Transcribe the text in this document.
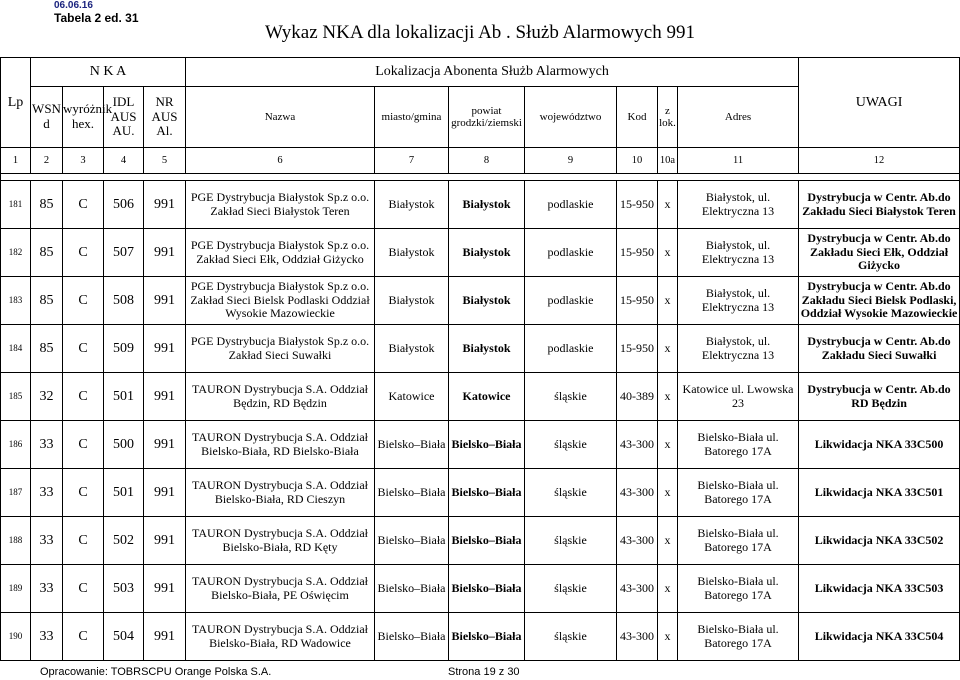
06.06.16
Tabela 2 ed. 31
Wykaz NKA dla lokalizacji Ab . Służb Alarmowych 991
Lp	N K A				Lokalizacja Abonenta Służb Alarmowych							UWAGI
	WSN d	wyróżnik hex.	IDL AUS AU.	NR AUS Al.	Nazwa	miasto/gmina	powiat grodzki/ziemski	województwo	Kod	z lok.	Adres	
1	2	3	4	5	6	7	8	9	10	10a	11	12

181	85	C	506	991	PGE Dystrybucja Białystok Sp.z o.o. Zakład Sieci Białystok Teren	Białystok	Białystok	podlaskie	15-950	x	Białystok, ul. Elektryczna 13	Dystrybucja w Centr. Ab.do Zakładu Sieci Białystok Teren
182	85	C	507	991	PGE Dystrybucja Białystok Sp.z o.o. Zakład Sieci Ełk, Oddział Giżycko	Białystok	Białystok	podlaskie	15-950	x	Białystok, ul. Elektryczna 13	Dystrybucja w Centr. Ab.do Zakładu Sieci Ełk, Oddział Giżycko
183	85	C	508	991	PGE Dystrybucja Białystok Sp.z o.o. Zakład Sieci Bielsk Podlaski Oddział Wysokie Mazowieckie	Białystok	Białystok	podlaskie	15-950	x	Białystok, ul. Elektryczna 13	Dystrybucja w Centr. Ab.do Zakładu Sieci Bielsk Podlaski, Oddział Wysokie Mazowieckie
184	85	C	509	991	PGE Dystrybucja Białystok Sp.z o.o. Zakład Sieci Suwałki	Białystok	Białystok	podlaskie	15-950	x	Białystok, ul. Elektryczna 13	Dystrybucja w Centr. Ab.do Zakładu Sieci Suwałki
185	32	C	501	991	TAURON Dystrybucja S.A. Oddział Będzin, RD Będzin	Katowice	Katowice	śląskie	40-389	x	Katowice ul. Lwowska 23	Dystrybucja w Centr. Ab.do RD Będzin
186	33	C	500	991	TAURON Dystrybucja S.A. Oddział Bielsko-Biała, RD Bielsko-Biała	Bielsko–Biała	Bielsko–Biała	śląskie	43-300	x	Bielsko-Biała ul. Batorego 17A	Likwidacja NKA 33C500
187	33	C	501	991	TAURON Dystrybucja S.A. Oddział Bielsko-Biała, RD Cieszyn	Bielsko–Biała	Bielsko–Biała	śląskie	43-300	x	Bielsko-Biała ul. Batorego 17A	Likwidacja NKA 33C501
188	33	C	502	991	TAURON Dystrybucja S.A. Oddział Bielsko-Biała, RD Kęty	Bielsko–Biała	Bielsko–Biała	śląskie	43-300	x	Bielsko-Biała ul. Batorego 17A	Likwidacja NKA 33C502
189	33	C	503	991	TAURON Dystrybucja S.A. Oddział Bielsko-Biała, PE Oświęcim	Bielsko–Biała	Bielsko–Biała	śląskie	43-300	x	Bielsko-Biała ul. Batorego 17A	Likwidacja NKA 33C503
190	33	C	504	991	TAURON Dystrybucja S.A. Oddział Bielsko-Biała, RD Wadowice	Bielsko–Biała	Bielsko–Biała	śląskie	43-300	x	Bielsko-Biała ul. Batorego 17A	Likwidacja NKA 33C504
Opracowanie: TOBRSCPU Orange Polska S.A.	Strona 19 z 30
